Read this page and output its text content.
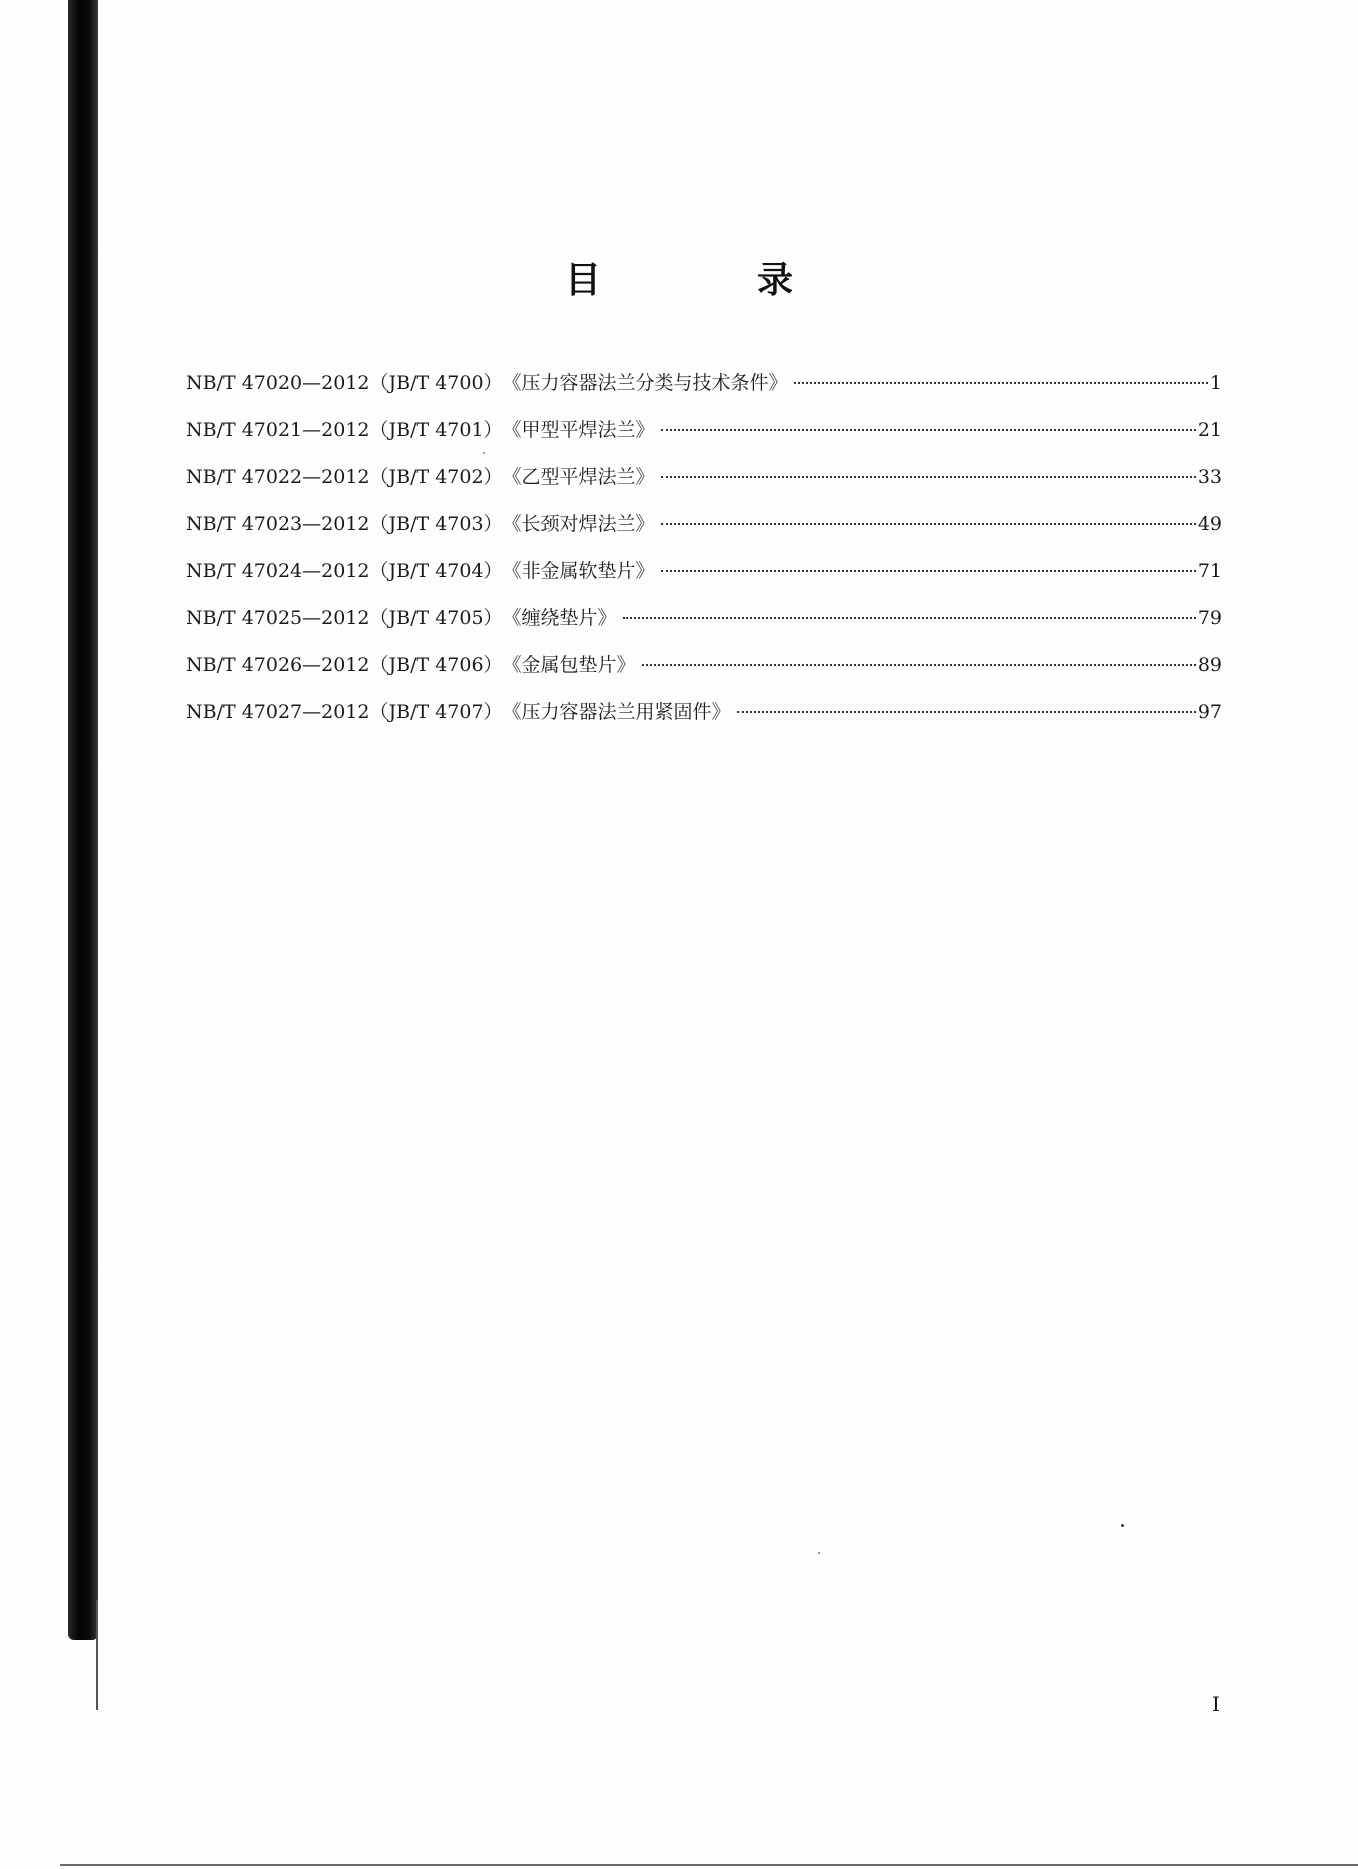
目　录
NB/T 47020—2012（JB/T 4700） 《压力容器法兰分类与技术条件》	1
NB/T 47021—2012（JB/T 4701） 《甲型平焊法兰》	21
NB/T 47022—2012（JB/T 4702） 《乙型平焊法兰》	33
NB/T 47023—2012（JB/T 4703） 《长颈对焊法兰》	49
NB/T 47024—2012（JB/T 4704） 《非金属软垫片》	71
NB/T 47025—2012（JB/T 4705） 《缠绕垫片》	79
NB/T 47026—2012（JB/T 4706） 《金属包垫片》	89
NB/T 47027—2012（JB/T 4707） 《压力容器法兰用紧固件》	97
I
